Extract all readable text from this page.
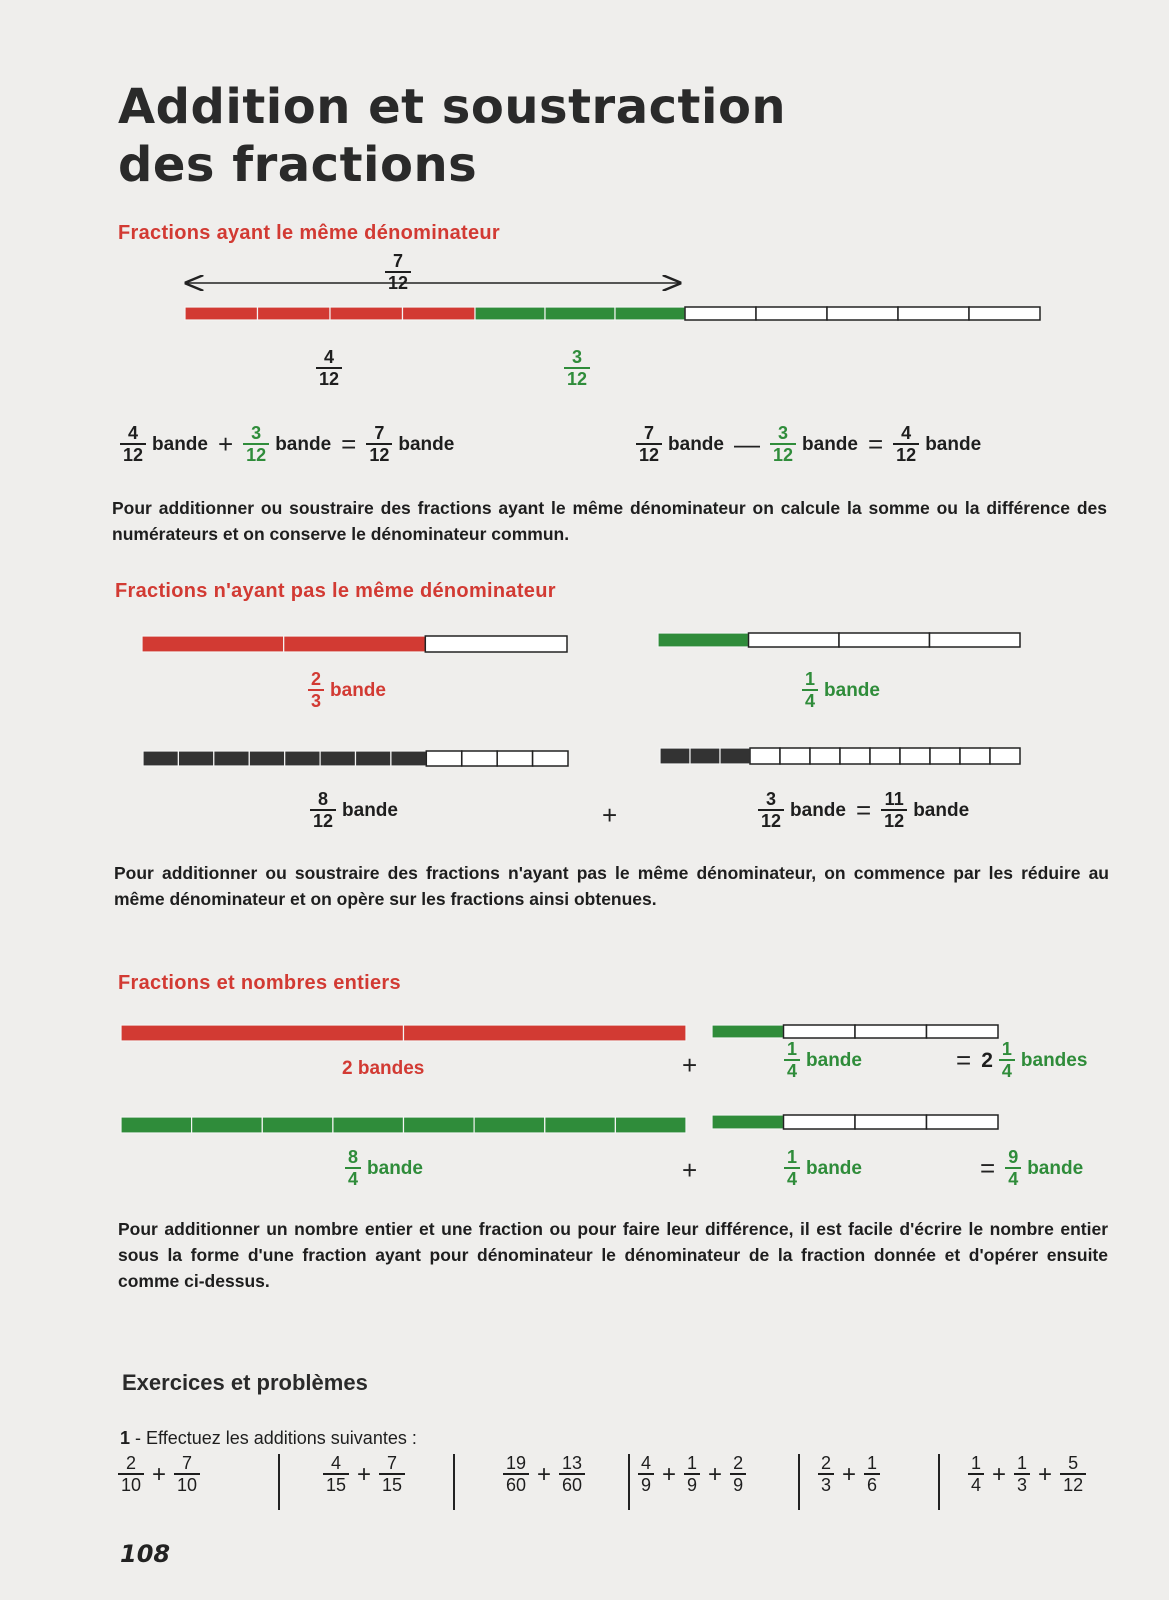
Addition et soustraction
des fractions
Fractions ayant le même dénominateur
$\frac{7}{12}$
$\frac{4}{12}$	$\frac{3}{12}$
$\frac{4}{12}$ bande + $\frac{3}{12}$ bande = $\frac{7}{12}$ bande	$\frac{7}{12}$ bande — $\frac{3}{12}$ bande = $\frac{4}{12}$ bande

Pour additionner ou soustraire des fractions ayant le même dénominateur on calcule la somme ou la différence des numérateurs et on conserve le dénominateur commun.

Fractions n'ayant pas le même dénominateur
$\frac{2}{3}$ bande	$\frac{1}{4}$ bande
$\frac{8}{12}$ bande	+	$\frac{3}{12}$ bande = $\frac{11}{12}$ bande

Pour additionner ou soustraire des fractions n'ayant pas le même dénominateur, on commence par les réduire au même dénominateur et on opère sur les fractions ainsi obtenues.

Fractions et nombres entiers
2 bandes	+	$\frac{1}{4}$ bande	= $2 \frac{1}{4}$ bandes
$\frac{8}{4}$ bande	+	$\frac{1}{4}$ bande	= $\frac{9}{4}$ bande

Pour additionner un nombre entier et une fraction ou pour faire leur différence, il est facile d'écrire le nombre entier sous la forme d'une fraction ayant pour dénominateur le dénominateur de la fraction donnée et d'opérer ensuite comme ci-dessus.

Exercices et problèmes
1 - Effectuez les additions suivantes :
$\frac{2}{10} + \frac{7}{10}$	$\frac{4}{15} + \frac{7}{15}$	$\frac{19}{60} + \frac{13}{60}$	$\frac{4}{9} + \frac{1}{9} + \frac{2}{9}$	$\frac{2}{3} + \frac{1}{6}$	$\frac{1}{4} + \frac{1}{3} + \frac{5}{12}$
108
